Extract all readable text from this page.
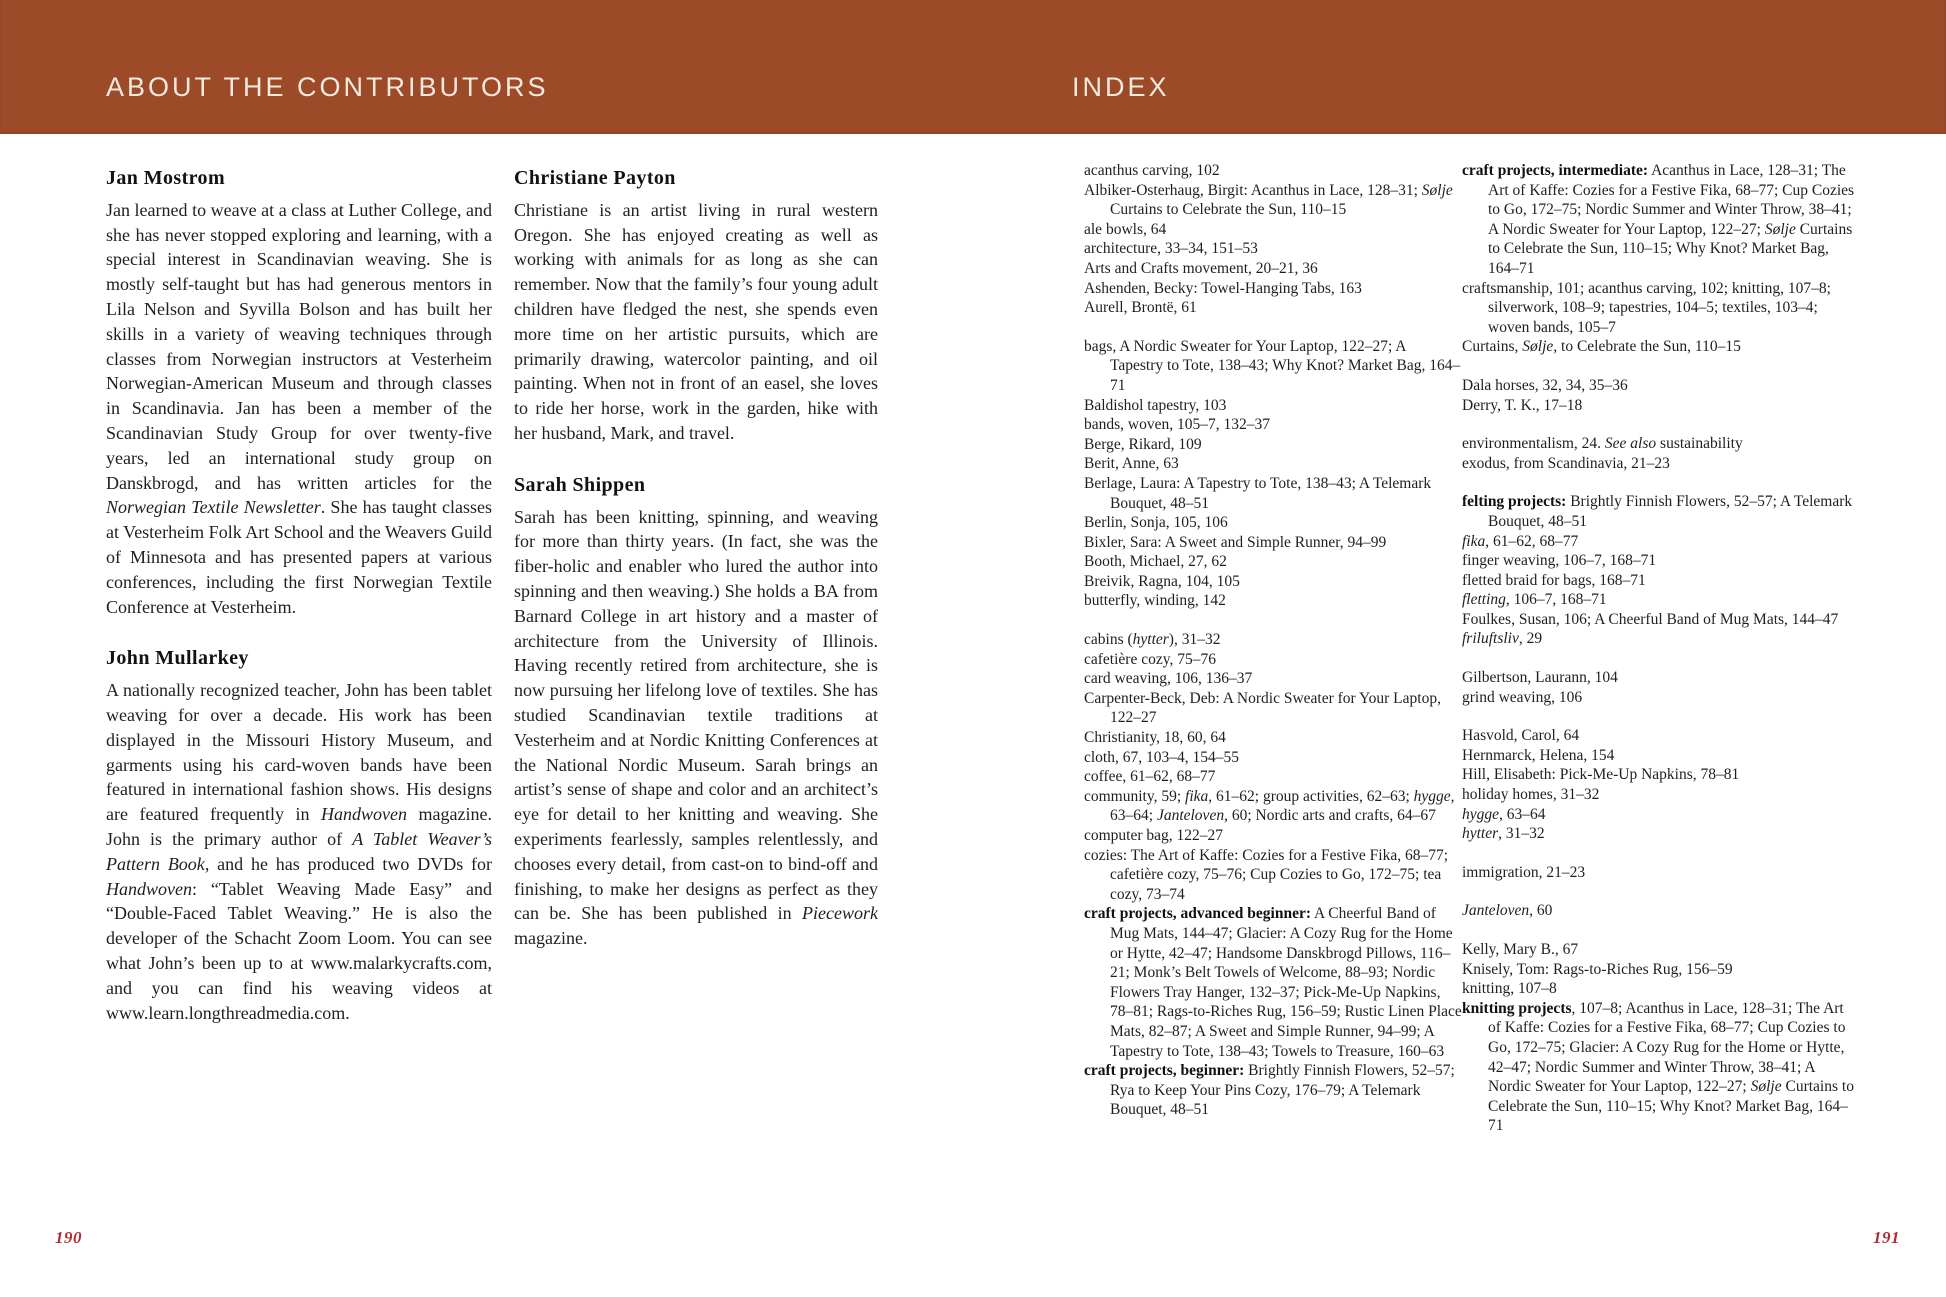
ABOUT THE CONTRIBUTORS	INDEX
Jan Mostrom

Jan learned to weave at a class at Luther College, and she has never stopped exploring and learning, with a special interest in Scandinavian weaving. She is mostly self-taught but has had generous mentors in Lila Nelson and Syvilla Bolson and has built her skills in a variety of weaving techniques through classes from Norwegian instructors at Vesterheim Norwegian-American Museum and through classes in Scandinavia. Jan has been a member of the Scandinavian Study Group for over twenty-five years, led an international study group on Danskbrogd, and has written articles for the Norwegian Textile Newsletter. She has taught classes at Vesterheim Folk Art School and the Weavers Guild of Minnesota and has presented papers at various conferences, including the first Norwegian Textile Conference at Vesterheim.

John Mullarkey

A nationally recognized teacher, John has been tablet weaving for over a decade. His work has been displayed in the Missouri History Museum, and garments using his card-woven bands have been featured in international fashion shows. His designs are featured frequently in Handwoven magazine. John is the primary author of A Tablet Weaver’s Pattern Book, and he has produced two DVDs for Handwoven: “Tablet Weaving Made Easy” and “Double-Faced Tablet Weaving.” He is also the developer of the Schacht Zoom Loom. You can see what John’s been up to at www.malarkycrafts.com, and you can find his weaving videos at www.learn.longthreadmedia.com.

Christiane Payton

Christiane is an artist living in rural western Oregon. She has enjoyed creating as well as working with animals for as long as she can remember. Now that the family’s four young adult children have fledged the nest, she spends even more time on her artistic pursuits, which are primarily drawing, watercolor painting, and oil painting. When not in front of an easel, she loves to ride her horse, work in the garden, hike with her husband, Mark, and travel.

Sarah Shippen

Sarah has been knitting, spinning, and weaving for more than thirty years. (In fact, she was the fiber-holic and enabler who lured the author into spinning and then weaving.) She holds a BA from Barnard College in art history and a master of architecture from the University of Illinois. Having recently retired from architecture, she is now pursuing her lifelong love of textiles. She has studied Scandinavian textile traditions at Vesterheim and at Nordic Knitting Conferences at the National Nordic Museum. Sarah brings an artist’s sense of shape and color and an architect’s eye for detail to her knitting and weaving. She experiments fearlessly, samples relentlessly, and chooses every detail, from cast-on to bind-off and finishing, to make her designs as perfect as they can be. She has been published in Piecework magazine.

acanthus carving, 102
Albiker-Osterhaug, Birgit: Acanthus in Lace, 128–31; Sølje Curtains to Celebrate the Sun, 110–15
ale bowls, 64
architecture, 33–34, 151–53
Arts and Crafts movement, 20–21, 36
Ashenden, Becky: Towel-Hanging Tabs, 163
Aurell, Brontë, 61
bags, A Nordic Sweater for Your Laptop, 122–27; A Tapestry to Tote, 138–43; Why Knot? Market Bag, 164–71
Baldishol tapestry, 103
bands, woven, 105–7, 132–37
Berge, Rikard, 109
Berit, Anne, 63
Berlage, Laura: A Tapestry to Tote, 138–43; A Telemark Bouquet, 48–51
Berlin, Sonja, 105, 106
Bixler, Sara: A Sweet and Simple Runner, 94–99
Booth, Michael, 27, 62
Breivik, Ragna, 104, 105
butterfly, winding, 142
cabins (hytter), 31–32
cafetière cozy, 75–76
card weaving, 106, 136–37
Carpenter-Beck, Deb: A Nordic Sweater for Your Laptop, 122–27
Christianity, 18, 60, 64
cloth, 67, 103–4, 154–55
coffee, 61–62, 68–77
community, 59; fika, 61–62; group activities, 62–63; hygge, 63–64; Janteloven, 60; Nordic arts and crafts, 64–67
computer bag, 122–27
cozies: The Art of Kaffe: Cozies for a Festive Fika, 68–77; cafetière cozy, 75–76; Cup Cozies to Go, 172–75; tea cozy, 73–74
craft projects, advanced beginner: A Cheerful Band of Mug Mats, 144–47; Glacier: A Cozy Rug for the Home or Hytte, 42–47; Handsome Danskbrogd Pillows, 116–21; Monk’s Belt Towels of Welcome, 88–93; Nordic Flowers Tray Hanger, 132–37; Pick-Me-Up Napkins, 78–81; Rags-to-Riches Rug, 156–59; Rustic Linen Place Mats, 82–87; A Sweet and Simple Runner, 94–99; A Tapestry to Tote, 138–43; Towels to Treasure, 160–63
craft projects, beginner: Brightly Finnish Flowers, 52–57; Rya to Keep Your Pins Cozy, 176–79; A Telemark Bouquet, 48–51
craft projects, intermediate: Acanthus in Lace, 128–31; The Art of Kaffe: Cozies for a Festive Fika, 68–77; Cup Cozies to Go, 172–75; Nordic Summer and Winter Throw, 38–41; A Nordic Sweater for Your Laptop, 122–27; Sølje Curtains to Celebrate the Sun, 110–15; Why Knot? Market Bag, 164–71
craftsmanship, 101; acanthus carving, 102; knitting, 107–8; silverwork, 108–9; tapestries, 104–5; textiles, 103–4; woven bands, 105–7
Curtains, Sølje, to Celebrate the Sun, 110–15
Dala horses, 32, 34, 35–36
Derry, T. K., 17–18
environmentalism, 24. See also sustainability
exodus, from Scandinavia, 21–23
felting projects: Brightly Finnish Flowers, 52–57; A Telemark Bouquet, 48–51
fika, 61–62, 68–77
finger weaving, 106–7, 168–71
fletted braid for bags, 168–71
fletting, 106–7, 168–71
Foulkes, Susan, 106; A Cheerful Band of Mug Mats, 144–47
friluftsliv, 29
Gilbertson, Laurann, 104
grind weaving, 106
Hasvold, Carol, 64
Hernmarck, Helena, 154
Hill, Elisabeth: Pick-Me-Up Napkins, 78–81
holiday homes, 31–32
hygge, 63–64
hytter, 31–32
immigration, 21–23
Janteloven, 60
Kelly, Mary B., 67
Knisely, Tom: Rags-to-Riches Rug, 156–59
knitting, 107–8
knitting projects, 107–8; Acanthus in Lace, 128–31; The Art of Kaffe: Cozies for a Festive Fika, 68–77; Cup Cozies to Go, 172–75; Glacier: A Cozy Rug for the Home or Hytte, 42–47; Nordic Summer and Winter Throw, 38–41; A Nordic Sweater for Your Laptop, 122–27; Sølje Curtains to Celebrate the Sun, 110–15; Why Knot? Market Bag, 164–71
190	191
